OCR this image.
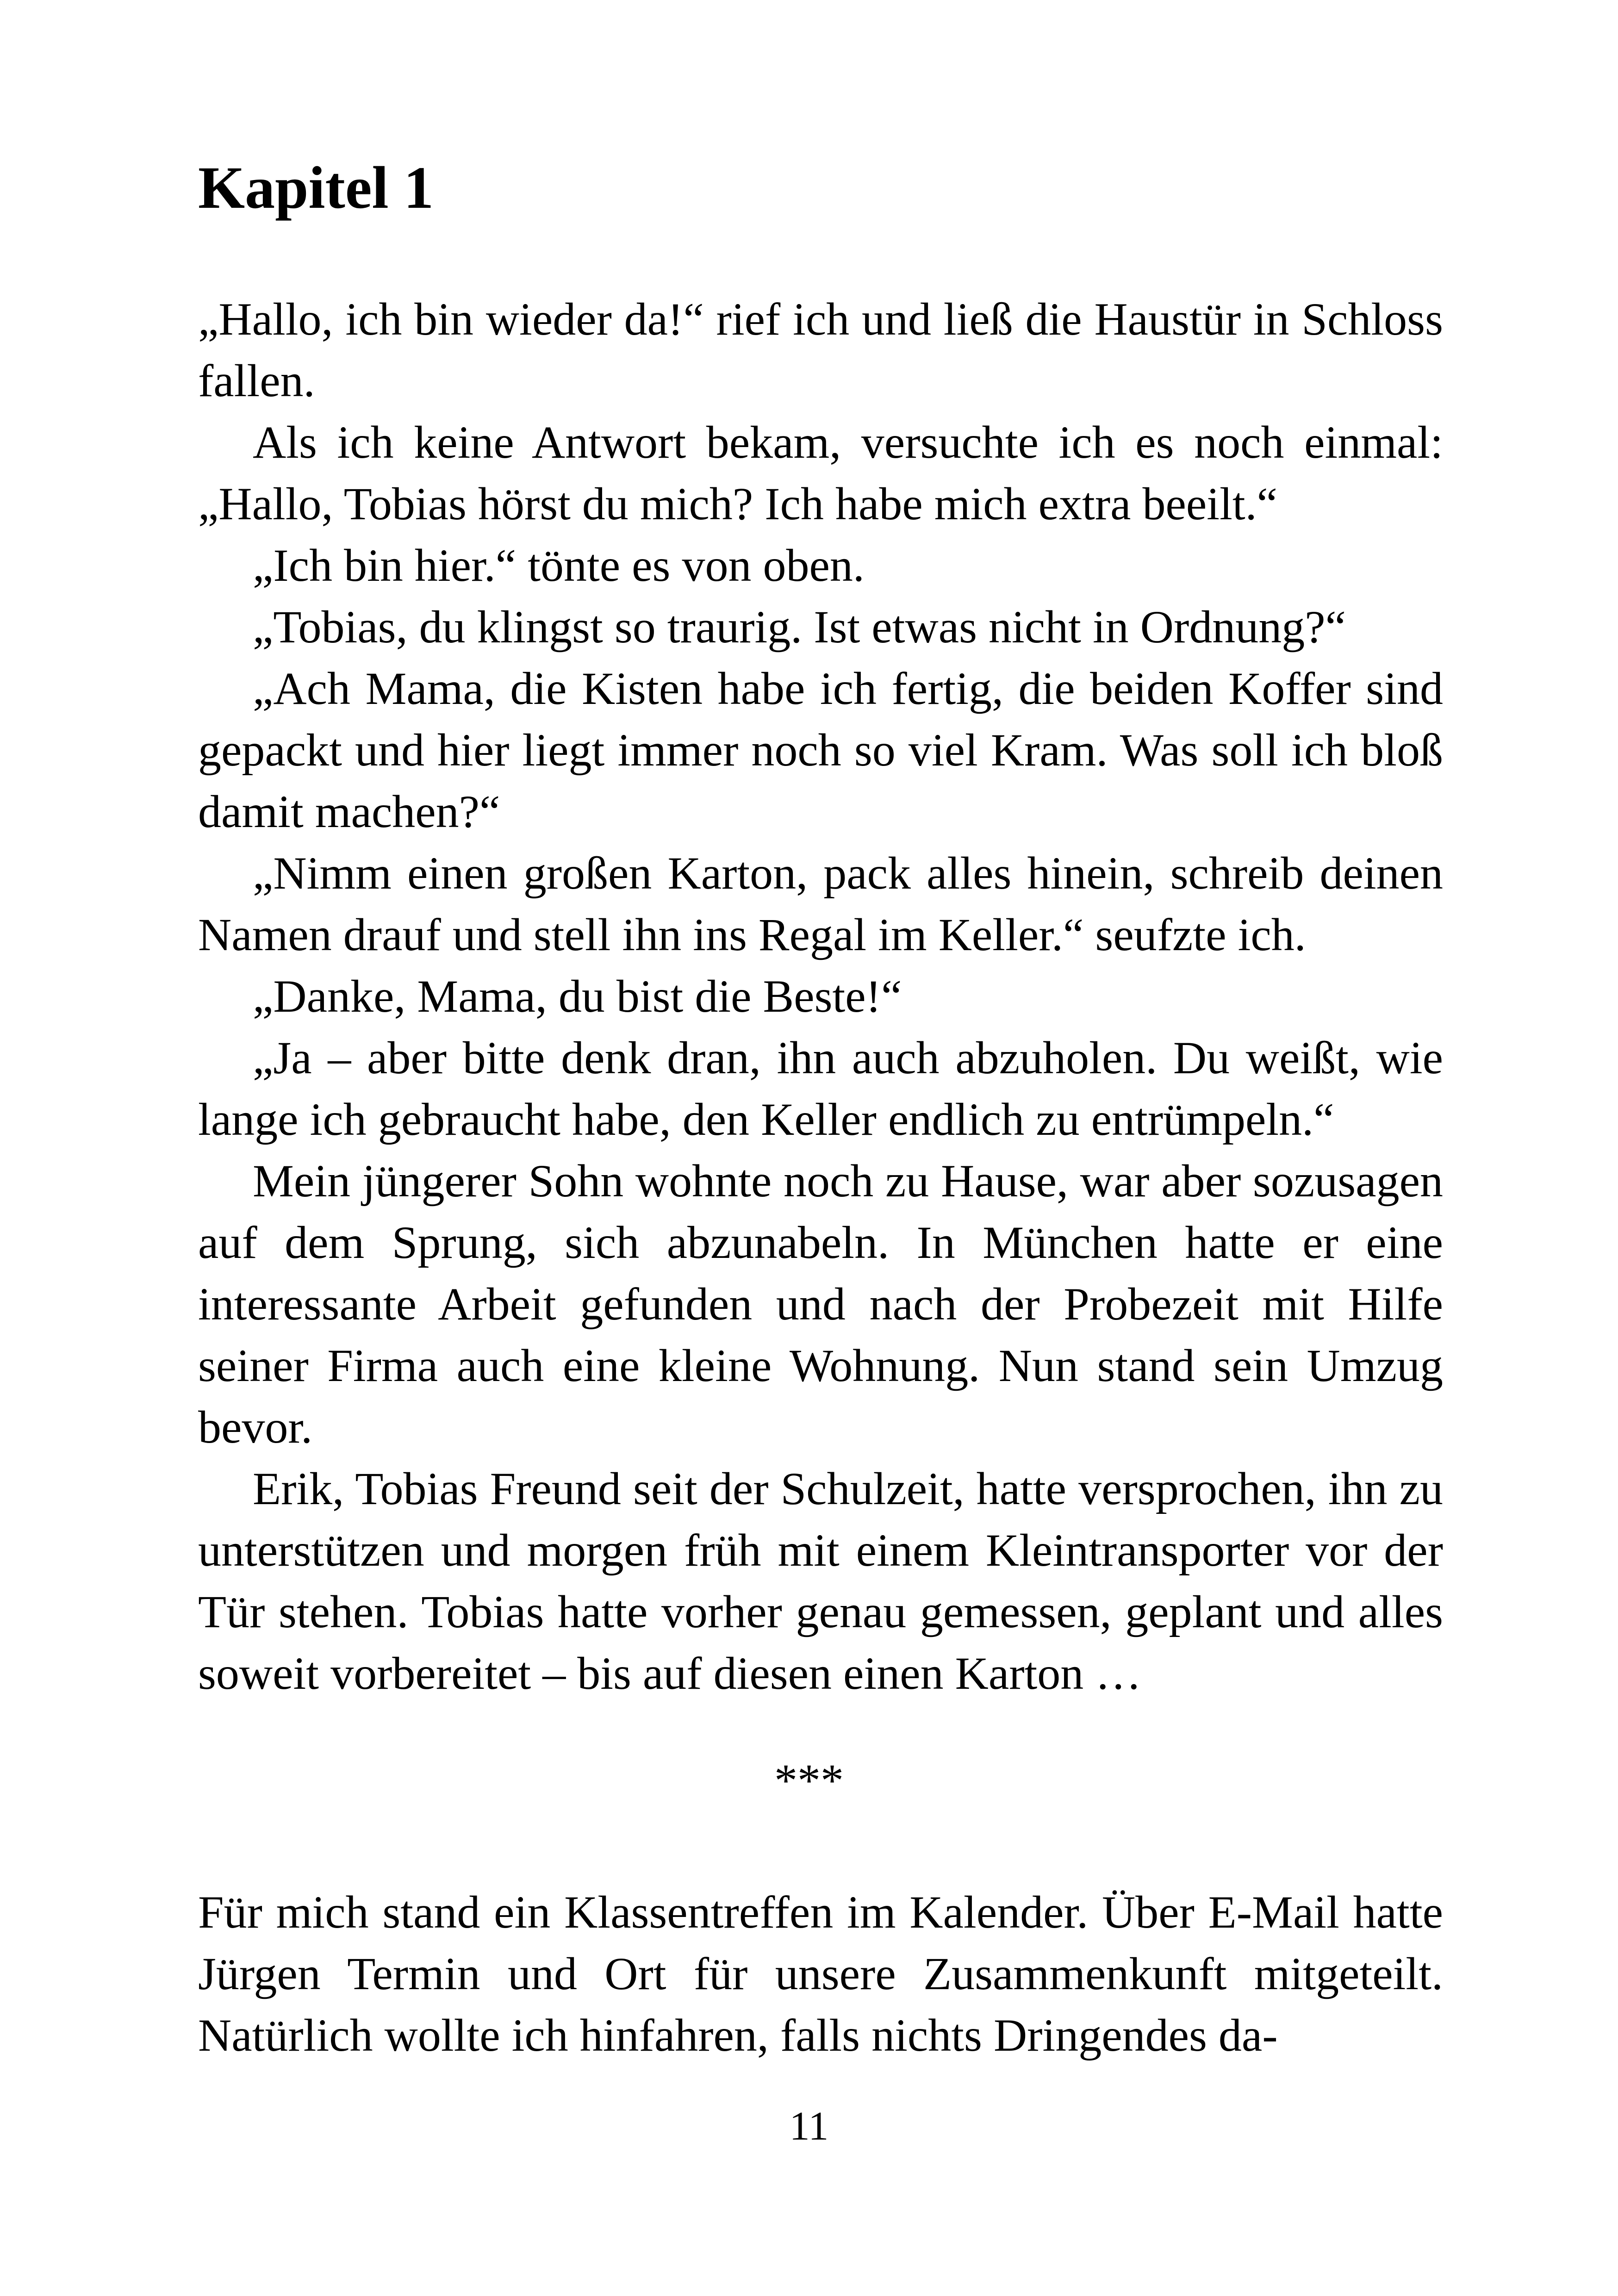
Kapitel 1

„Hallo, ich bin wieder da!“ rief ich und ließ die Haustür in Schloss fallen.

Als ich keine Antwort bekam, versuchte ich es noch einmal: „Hallo, Tobias hörst du mich? Ich habe mich extra beeilt.“

„Ich bin hier.“ tönte es von oben.

„Tobias, du klingst so traurig. Ist etwas nicht in Ordnung?“

„Ach Mama, die Kisten habe ich fertig, die beiden Koffer sind gepackt und hier liegt immer noch so viel Kram. Was soll ich bloß damit machen?“

„Nimm einen großen Karton, pack alles hinein, schreib deinen Namen drauf und stell ihn ins Regal im Keller.“ seufzte ich.

„Danke, Mama, du bist die Beste!“

„Ja – aber bitte denk dran, ihn auch abzuholen. Du weißt, wie lange ich gebraucht habe, den Keller endlich zu entrümpeln.“

Mein jüngerer Sohn wohnte noch zu Hause, war aber sozusagen auf dem Sprung, sich abzunabeln. In München hatte er eine interessante Arbeit gefunden und nach der Probezeit mit Hilfe seiner Firma auch eine kleine Wohnung. Nun stand sein Umzug bevor.

Erik, Tobias Freund seit der Schulzeit, hatte versprochen, ihn zu unterstützen und morgen früh mit einem Kleintransporter vor der Tür stehen. Tobias hatte vorher genau gemessen, geplant und alles soweit vorbereitet – bis auf diesen einen Karton …

***

Für mich stand ein Klassentreffen im Kalender. Über E-Mail hatte Jürgen Termin und Ort für unsere Zusammenkunft mitgeteilt. Natürlich wollte ich hinfahren, falls nichts Dringendes da-

11
